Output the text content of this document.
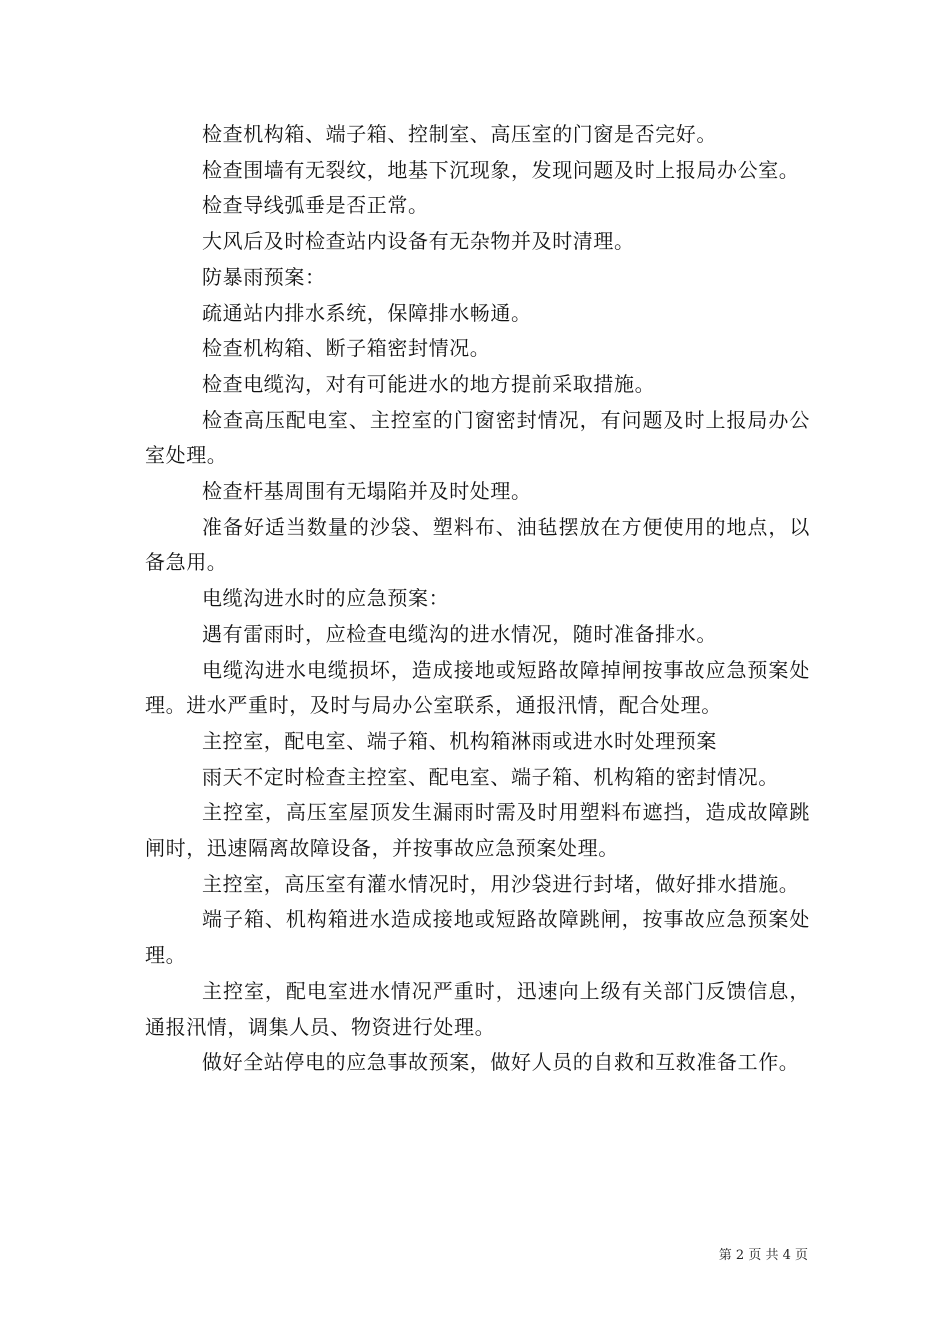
检查机构箱、端子箱、控制室、高压室的门窗是否完好。

检查围墙有无裂纹，地基下沉现象，发现问题及时上报局办公室。

检查导线弧垂是否正常。

大风后及时检查站内设备有无杂物并及时清理。

防暴雨预案：

疏通站内排水系统，保障排水畅通。

检查机构箱、断子箱密封情况。

检查电缆沟，对有可能进水的地方提前采取措施。

检查高压配电室、主控室的门窗密封情况，有问题及时上报局办公室处理。

检查杆基周围有无塌陷并及时处理。

准备好适当数量的沙袋、塑料布、油毡摆放在方便使用的地点，以备急用。

电缆沟进水时的应急预案：

遇有雷雨时，应检查电缆沟的进水情况，随时准备排水。

电缆沟进水电缆损坏，造成接地或短路故障掉闸按事故应急预案处理。进水严重时，及时与局办公室联系，通报汛情，配合处理。

主控室，配电室、端子箱、机构箱淋雨或进水时处理预案

雨天不定时检查主控室、配电室、端子箱、机构箱的密封情况。

主控室，高压室屋顶发生漏雨时需及时用塑料布遮挡，造成故障跳闸时，迅速隔离故障设备，并按事故应急预案处理。

主控室，高压室有灌水情况时，用沙袋进行封堵，做好排水措施。

端子箱、机构箱进水造成接地或短路故障跳闸，按事故应急预案处理。

主控室，配电室进水情况严重时，迅速向上级有关部门反馈信息，通报汛情，调集人员、物资进行处理。

做好全站停电的应急事故预案，做好人员的自救和互救准备工作。

第 2 页 共 4 页
